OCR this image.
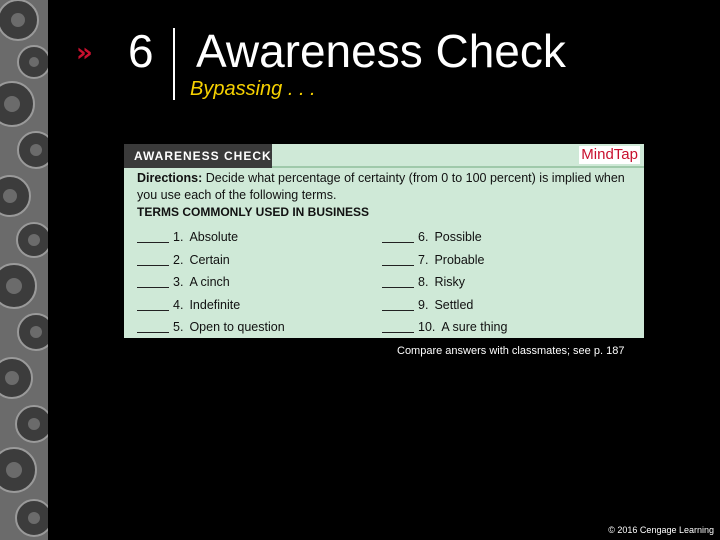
» 6 Awareness Check
Bypassing . . .
AWARENESS CHECK	MindTap
Directions: Decide what percentage of certainty (from 0 to 100 percent) is implied when you use each of the following terms.
TERMS COMMONLY USED IN BUSINESS
1. Absolute
2. Certain
3. A cinch
4. Indefinite
5. Open to question
6. Possible
7. Probable
8. Risky
9. Settled
10. A sure thing
Compare answers with classmates; see p. 187
© 2016 Cengage Learning
